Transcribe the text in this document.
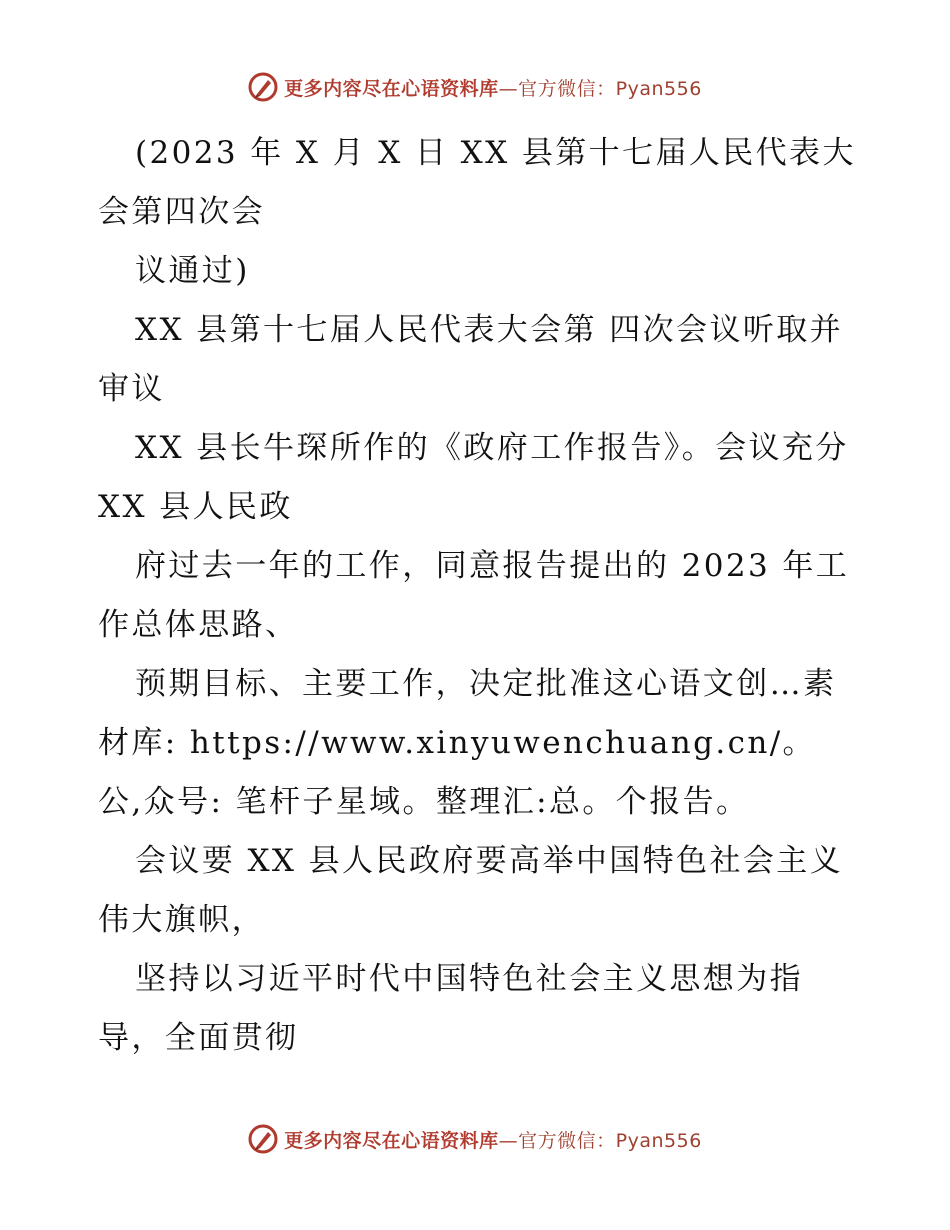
更多内容尽在心语资料库—官方微信：Pyan556

(2023 年 X 月 X 日 XX 县第十七届人民代表大会第四次会

议通过)

XX 县第十七届人民代表大会第 四次会议听取并审议

XX 县长牛琛所作的《政府工作报告》。会议充分 XX 县人民政

府过去一年的工作，同意报告提出的 2023 年工作总体思路、

预期目标、主要工作，决定批准这心语文创…素材库: https://www.xinyuwenchuang.cn/。公,众号: 笔杆子星域。整理汇:总。个报告。

会议要 XX 县人民政府要高举中国特色社会主义伟大旗帜，

坚持以习近平时代中国特色社会主义思想为指导，全面贯彻

更多内容尽在心语资料库—官方微信：Pyan556
